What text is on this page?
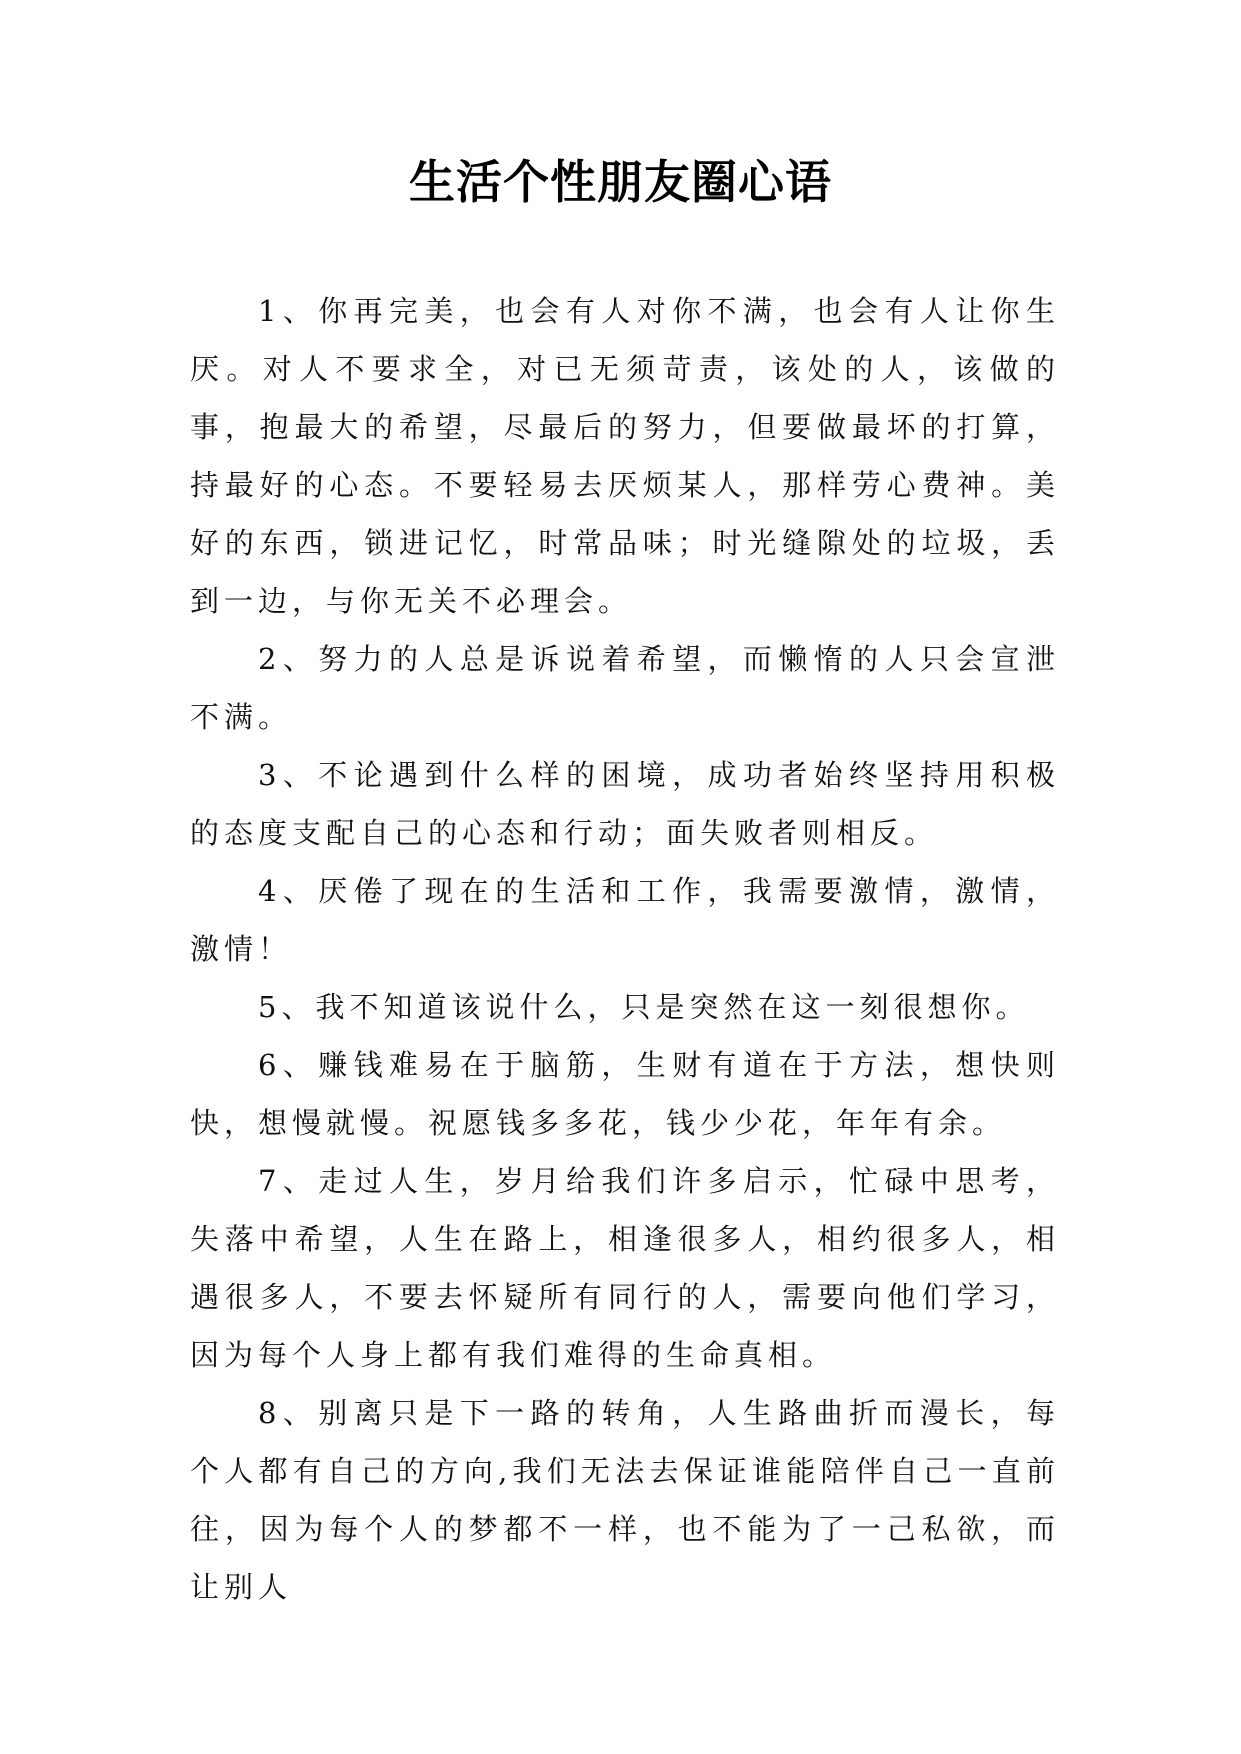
生活个性朋友圈心语

1、你再完美，也会有人对你不满，也会有人让你生厌。对人不要求全，对已无须苛责，该处的人，该做的事，抱最大的希望，尽最后的努力，但要做最坏的打算，持最好的心态。不要轻易去厌烦某人，那样劳心费神。美好的东西，锁进记忆，时常品味；时光缝隙处的垃圾，丢到一边，与你无关不必理会。

2、努力的人总是诉说着希望，而懒惰的人只会宣泄不满。

3、不论遇到什么样的困境，成功者始终坚持用积极的态度支配自己的心态和行动；面失败者则相反。

4、厌倦了现在的生活和工作，我需要激情，激情，激情！

5、我不知道该说什么，只是突然在这一刻很想你。

6、赚钱难易在于脑筋，生财有道在于方法，想快则快，想慢就慢。祝愿钱多多花，钱少少花，年年有余。

7、走过人生，岁月给我们许多启示，忙碌中思考，失落中希望，人生在路上，相逢很多人，相约很多人，相遇很多人，不要去怀疑所有同行的人，需要向他们学习，因为每个人身上都有我们难得的生命真相。

8、别离只是下一路的转角，人生路曲折而漫长，每个人都有自己的方向,我们无法去保证谁能陪伴自己一直前往，因为每个人的梦都不一样，也不能为了一己私欲，而让别人
